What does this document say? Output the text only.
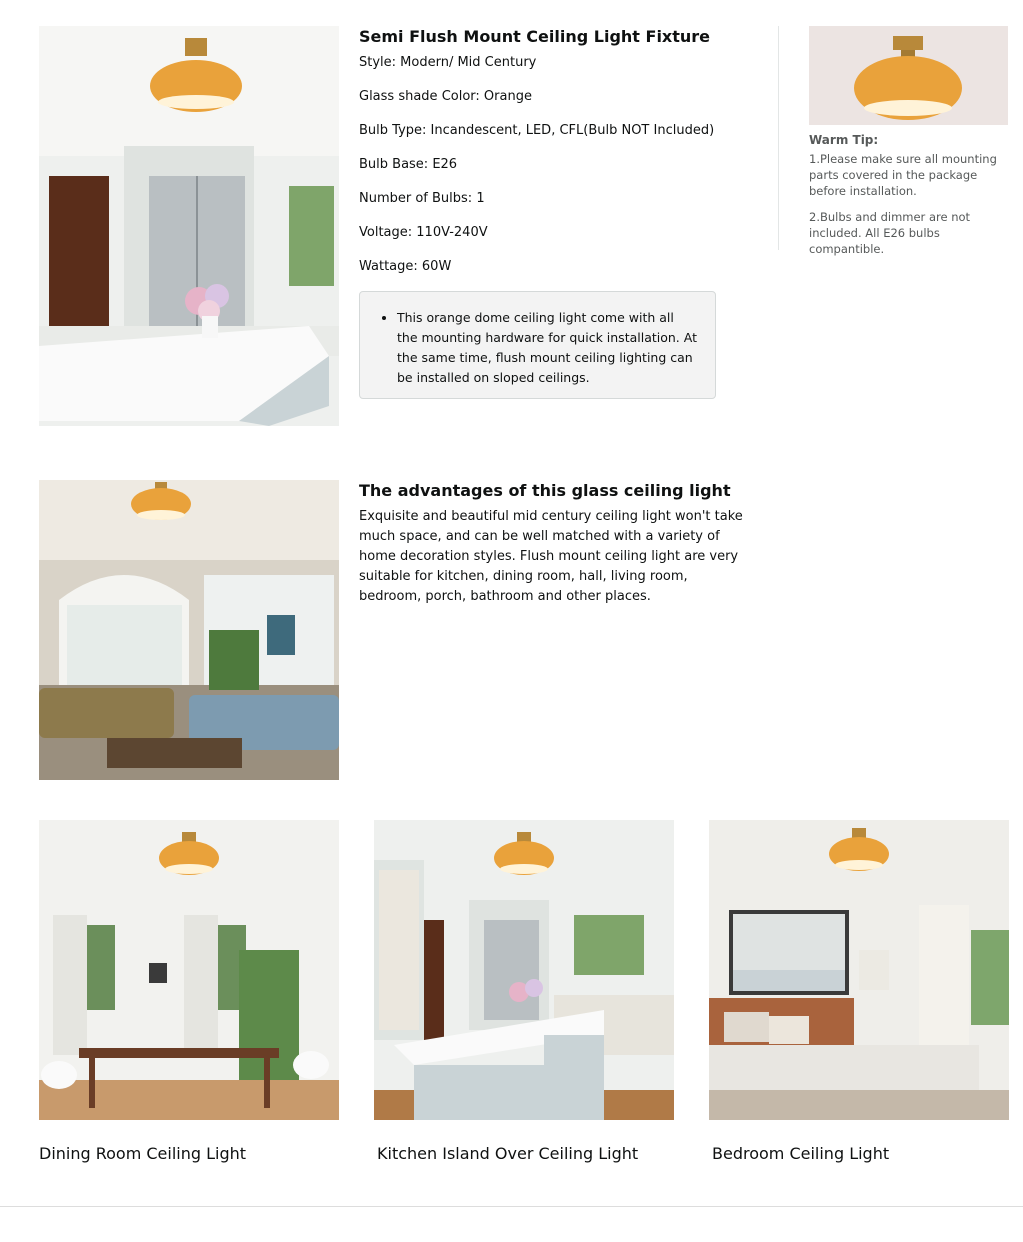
Semi Flush Mount Ceiling Light Fixture
Style: Modern/ Mid Century
Glass shade Color: Orange
Bulb Type: Incandescent, LED, CFL(Bulb NOT Included)
Bulb Base: E26
Number of Bulbs: 1
Voltage: 110V-240V
Wattage: 60W
• This orange dome ceiling light come with all the mounting hardware for quick installation. At the same time, flush mount ceiling lighting can be installed on sloped ceilings.
Warm Tip:
1.Please make sure all mounting parts covered in the package before installation.
2.Bulbs and dimmer are not included. All E26 bulbs compantible.
The advantages of this glass ceiling light
Exquisite and beautiful mid century ceiling light won't take much space, and can be well matched with a variety of home decoration styles. Flush mount ceiling light are very suitable for kitchen, dining room, hall, living room, bedroom, porch, bathroom and other places.
Dining Room Ceiling Light	Kitchen Island Over Ceiling Light	Bedroom Ceiling Light
